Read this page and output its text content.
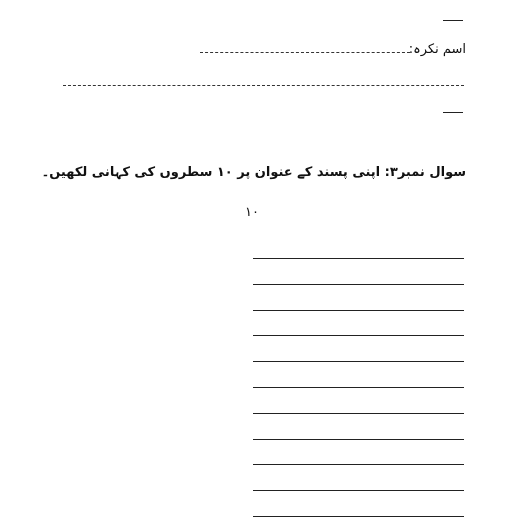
اسم نکرہ:
سوال نمبر۳: اپنی پسند کے عنوان پر ۱۰ سطروں کی کہانی لکھیں۔
۱۰
